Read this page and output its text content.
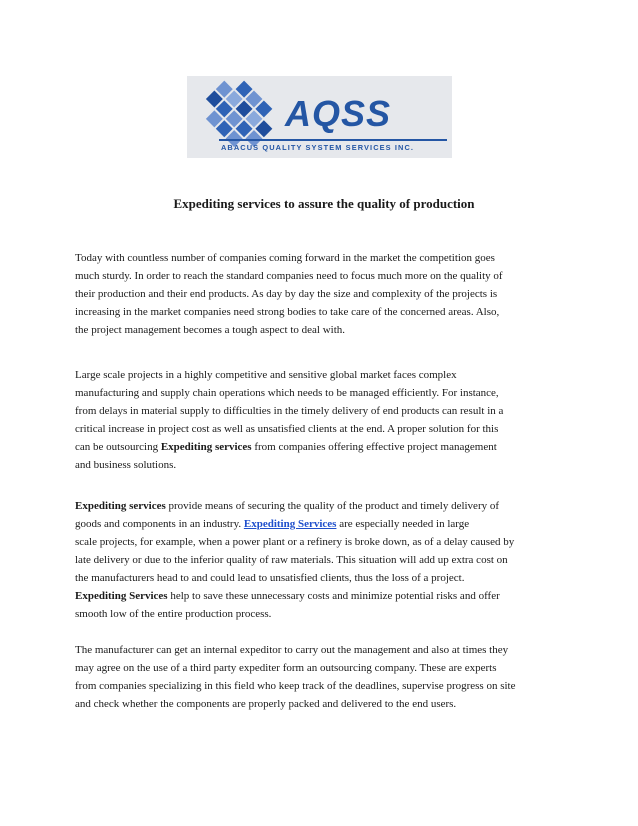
AQSS
ABACUS QUALITY SYSTEM SERVICES INC.
Expediting services to assure the quality of production

Today with countless number of companies coming forward in the market the competition goes
much sturdy. In order to reach the standard companies need to focus much more on the quality of
their production and their end products. As day by day the size and complexity of the projects is
increasing in the market companies need strong bodies to take care of the concerned areas. Also,
the project management becomes a tough aspect to deal with.

Large scale projects in a highly competitive and sensitive global market faces complex
manufacturing and supply chain operations which needs to be managed efficiently. For instance,
from delays in material supply to difficulties in the timely delivery of end products can result in a
critical increase in project cost as well as unsatisfied clients at the end. A proper solution for this
can be outsourcing Expediting services from companies offering effective project management
and business solutions.

Expediting services provide means of securing the quality of the product and timely delivery of
goods and components in an industry. Expediting Services are especially needed in large
scale projects, for example, when a power plant or a refinery is broke down, as of a delay caused by
late delivery or due to the inferior quality of raw materials. This situation will add up extra cost on
the manufacturers head to and could lead to unsatisfied clients, thus the loss of a project.
Expediting Services help to save these unnecessary costs and minimize potential risks and offer
smooth low of the entire production process.

The manufacturer can get an internal expeditor to carry out the management and also at times they
may agree on the use of a third party expediter form an outsourcing company. These are experts
from companies specializing in this field who keep track of the deadlines, supervise progress on site
and check whether the components are properly packed and delivered to the end users.
